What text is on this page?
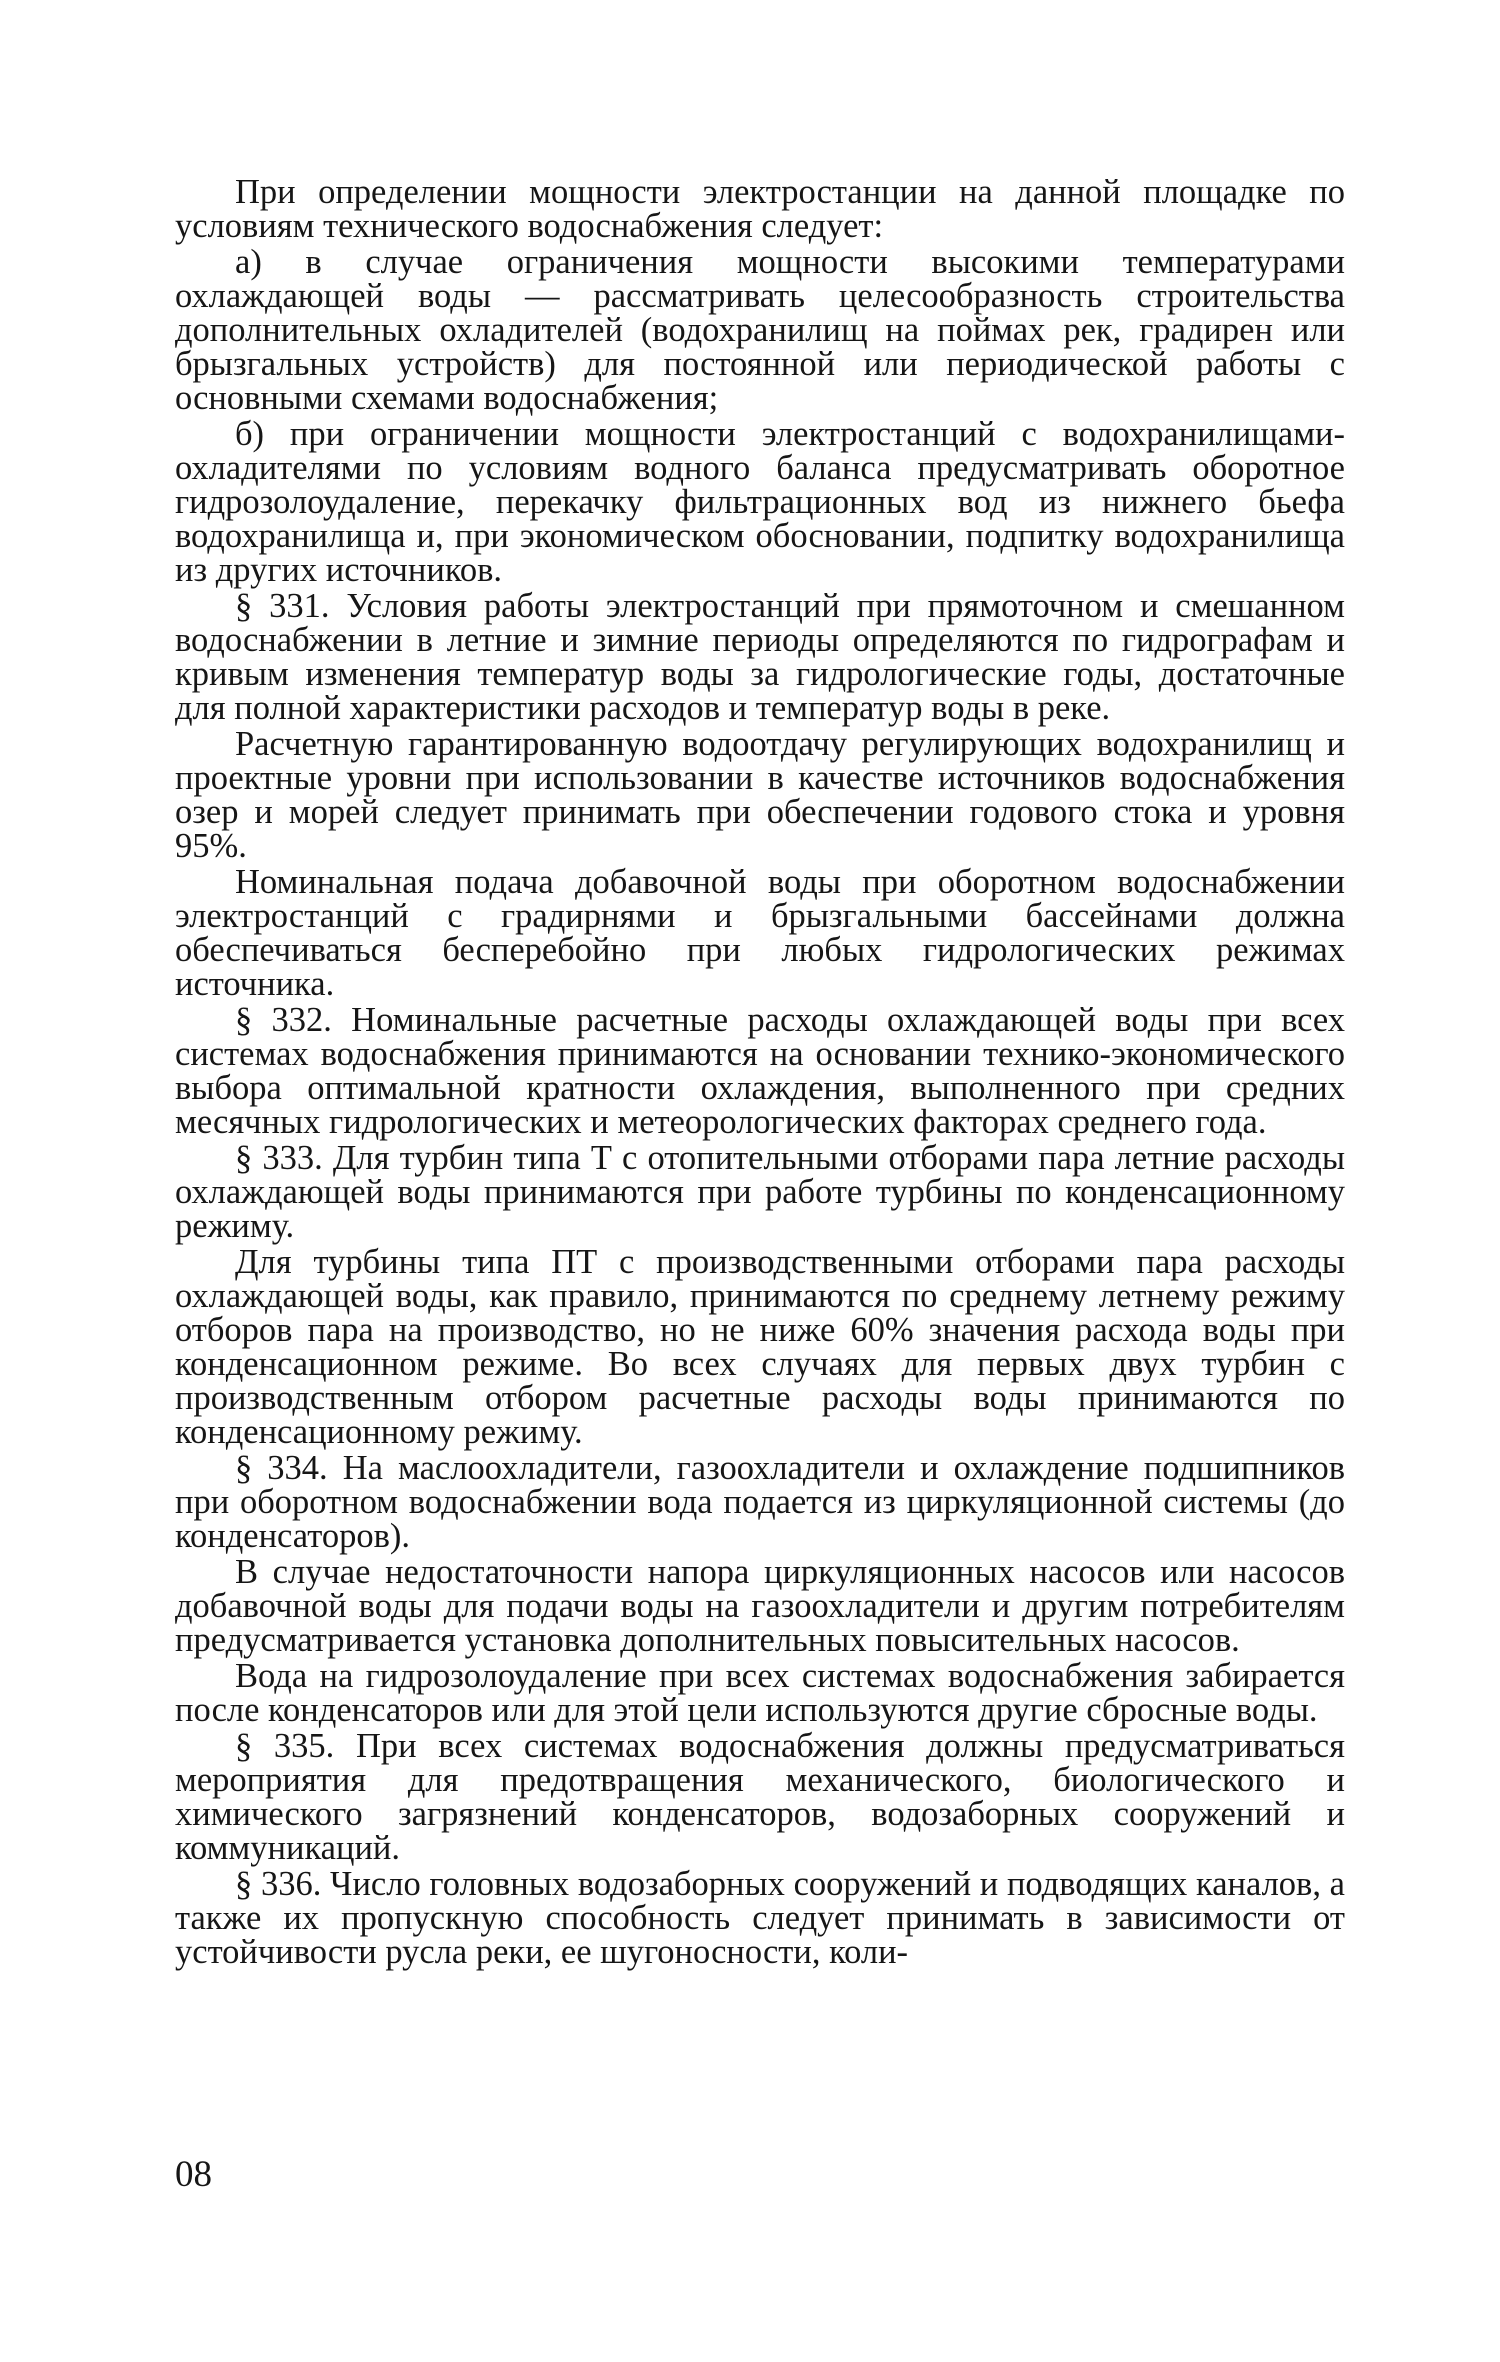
При определении мощности электростанции на данной площадке по условиям технического водоснабжения следует:

а) в случае ограничения мощности высокими температурами охлаждающей воды — рассматривать целесообразность строительства дополнительных охладителей (водохранилищ на поймах рек, градирен или брызгальных устройств) для постоянной или периодической работы с основными схемами водоснабжения;

б) при ограничении мощности электростанций с водохранилищами-охладителями по условиям водного баланса предусматривать оборотное гидрозолоудаление, перекачку фильтрационных вод из нижнего бьефа водохранилища и, при экономическом обосновании, подпитку водохранилища из других источников.

§ 331. Условия работы электростанций при прямоточном и смешанном водоснабжении в летние и зимние периоды определяются по гидрографам и кривым изменения температур воды за гидрологические годы, достаточные для полной характеристики расходов и температур воды в реке.

Расчетную гарантированную водоотдачу регулирующих водохранилищ и проектные уровни при использовании в качестве источников водоснабжения озер и морей следует принимать при обеспечении годового стока и уровня 95%.

Номинальная подача добавочной воды при оборотном водоснабжении электростанций с градирнями и брызгальными бассейнами должна обеспечиваться бесперебойно при любых гидрологических режимах источника.

§ 332. Номинальные расчетные расходы охлаждающей воды при всех системах водоснабжения принимаются на основании технико-экономического выбора оптимальной кратности охлаждения, выполненного при средних месячных гидрологических и метеорологических факторах среднего года.

§ 333. Для турбин типа Т с отопительными отборами пара летние расходы охлаждающей воды принимаются при работе турбины по конденсационному режиму.

Для турбины типа ПТ с производственными отборами пара расходы охлаждающей воды, как правило, принимаются по среднему летнему режиму отборов пара на производство, но не ниже 60% значения расхода воды при конденсационном режиме. Во всех случаях для первых двух турбин с производственным отбором расчетные расходы воды принимаются по конденсационному режиму.

§ 334. На маслоохладители, газоохладители и охлаждение подшипников при оборотном водоснабжении вода подается из циркуляционной системы (до конденсаторов).

В случае недостаточности напора циркуляционных насосов или насосов добавочной воды для подачи воды на газоохладители и другим потребителям предусматривается установка дополнительных повысительных насосов.

Вода на гидрозолоудаление при всех системах водоснабжения забирается после конденсаторов или для этой цели используются другие сбросные воды.

§ 335. При всех системах водоснабжения должны предусматриваться мероприятия для предотвращения механического, биологического и химического загрязнений конденсаторов, водозаборных сооружений и коммуникаций.

§ 336. Число головных водозаборных сооружений и подводящих каналов, а также их пропускную способность следует принимать в зависимости от устойчивости русла реки, ее шугоносности, коли-

08
